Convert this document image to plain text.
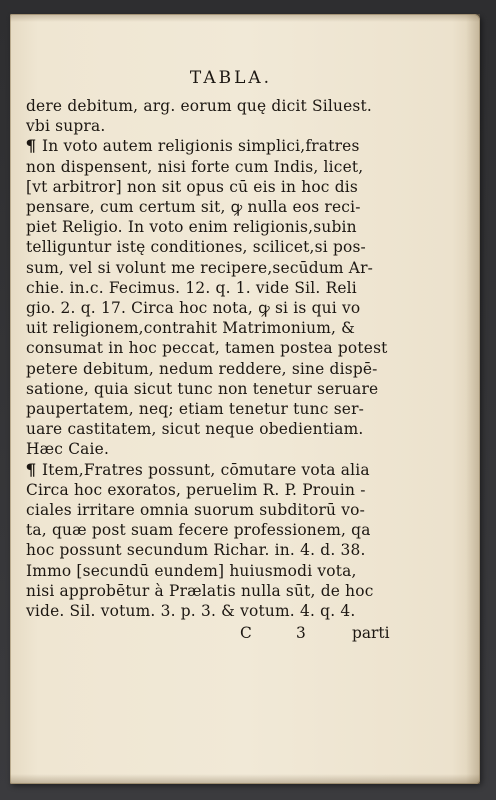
TABLA.
dere debitum, arg. eorum quę dicit Siluest.
vbi supra.
¶ In voto autem religionis simplici,fratres
non dispensent, nisi forte cum Indis, licet,
[vt arbitror] non sit opus cū eis in hoc dis
pensare, cum certum sit, ꝙ nulla eos reci-
piet Religio. In voto enim religionis,subin
telliguntur istę conditiones, scilicet,si pos-
sum, vel si volunt me recipere,secūdum Ar-
chie. in.c. Fecimus. 12. q. 1. vide Sil. Reli
gio. 2. q. 17. Circa hoc nota, ꝙ si is qui vo
uit religionem,contrahit Matrimonium, &
consumat in hoc peccat, tamen postea potest
petere debitum, nedum reddere, sine dispē-
satione, quia sicut tunc non tenetur seruare
paupertatem, neq; etiam tenetur tunc ser-
uare castitatem, sicut neque obedientiam.
Hæc Caie.
¶ Item,Fratres possunt, cōmutare vota alia
Circa hoc exoratos, peruelim R. P. Prouin -
ciales irritare omnia suorum subditorū vo-
ta, quæ post suam fecere professionem, qa
hoc possunt secundum Richar. in. 4. d. 38.
Immo [secundū eundem] huiusmodi vota,
nisi approbētur à Prælatis nulla sūt, de hoc
vide. Sil. votum. 3. p. 3. & votum. 4. q. 4.
C	3	parti
